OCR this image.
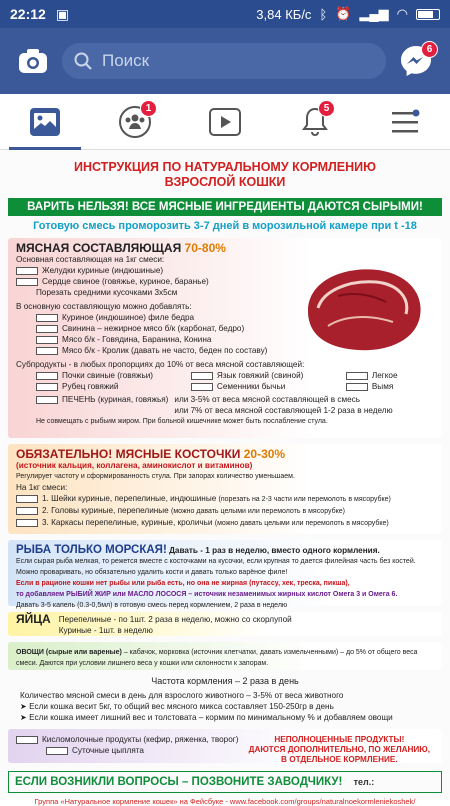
22:12 ▣	3,84 КБ/с ᛒ ⏰ ▂▄▆ ◠
Поиск
6
1	5
ИНСТРУКЦИЯ ПО НАТУРАЛЬНОМУ КОРМЛЕНИЮ
ВЗРОСЛОЙ КОШКИ
ВАРИТЬ НЕЛЬЗЯ! ВСЕ МЯСНЫЕ ИНГРЕДИЕНТЫ ДАЮТСЯ СЫРЫМИ!
Готовую смесь проморозить 3-7 дней в морозильной камере при t -18
МЯСНАЯ СОСТАВЛЯЮЩАЯ 70-80%
Основная составляющая на 1кг смеси:
Желудки куриные (индюшиные)
Сердце свиное (говяжье, куриное, баранье)
Порезать средними кусочками 3х5см
В основную составляющую можно добавлять:
Куриное (индюшиное) филе бедра
Свинина – нежирное мясо б/к (карбонат, бедро)
Мясо б/к - Говядина, Баранина, Конина
Мясо б/к - Кролик (давать не часто, беден по составу)
Субпродукты - в любых пропорциях до 10% от веса мясной составляющей:
Почки свиные (говяжьи)
Рубец говяжий
Язык говяжий (свиной)
Семенники бычьи
Легкое
Вымя
ПЕЧЕНЬ (куриная, говяжья) или 3-5% от веса мясной составляющей в смесь
или 7% от веса мясной составляющей 1-2 раза в неделю
Не совмещать с рыбьим жиром. При больной кишечнике может быть послабление стула.
ОБЯЗАТЕЛЬНО! МЯСНЫЕ КОСТОЧКИ 20-30%
(источник кальция, коллагена, аминокислот и витаминов)
Регулирует частоту и сформированность стула. При запорах количество уменьшаем.
На 1кг смеси:
1. Шейки куриные, перепелиные, индюшиные (порезать на 2-3 части или перемолоть в мясорубке)
2. Головы куриные, перепелиные (можно давать целыми или перемолоть в мясорубке)
3. Каркасы перепелиные, куриные, кроличьи (можно давать целыми или перемолоть в мясорубке)
РЫБА ТОЛЬКО МОРСКАЯ! Давать - 1 раз в неделю, вместо одного кормления.
Если сырая рыба мелкая, то режется вместе с косточками на кусочки, если крупная то дается филейная часть без костей. Можно проваривать, но обязательно удалить кости и давать только варёное филе!
Если в рационе кошки нет рыбы или рыба есть, но она не жирная (путассу, хек, треска, пикша),
то добавляем РЫБИЙ ЖИР или МАСЛО ЛОСОСЯ – источник незаменимых жирных кислот Омега 3 и Омега 6.
Давать 3-5 капель (0.3-0,5мл) в готовую смесь перед кормлением, 2 раза в неделю
ЯЙЦА Перепелиные - по 1шт. 2 раза в неделю, можно со скорлупой
Куриные - 1шт. в неделю
ОВОЩИ (сырые или вареные) – кабачок, морковка (источник клетчатки, давать измельченными) – до 5% от общего веса смеси. Даются при условии лишнего веса у кошки или склонности к запорам.
Частота кормления – 2 раза в день
Количество мясной смеси в день для взрослого животного – 3-5% от веса животного
➤ Если кошка весит 5кг, то общий вес мясного микса составляет 150-250гр в день
➤ Если кошка имеет лишний вес и толстовата – кормим по минимальному % и добавляем овощи
Кисломолочные продукты (кефир, ряженка, творог)
Суточные цыплята
НЕПОЛНОЦЕННЫЕ ПРОДУКТЫ!
ДАЮТСЯ ДОПОЛНИТЕЛЬНО, ПО ЖЕЛАНИЮ,
В ОТДЕЛЬНОЕ КОРМЛЕНИЕ.
ЕСЛИ ВОЗНИКЛИ ВОПРОСЫ – ПОЗВОНИТЕ ЗАВОДЧИКУ! тел.:
Группа «Натуральное кормление кошек» на Фейсбуке - www.facebook.com/groups/naturalnoekormleniekoshek/
